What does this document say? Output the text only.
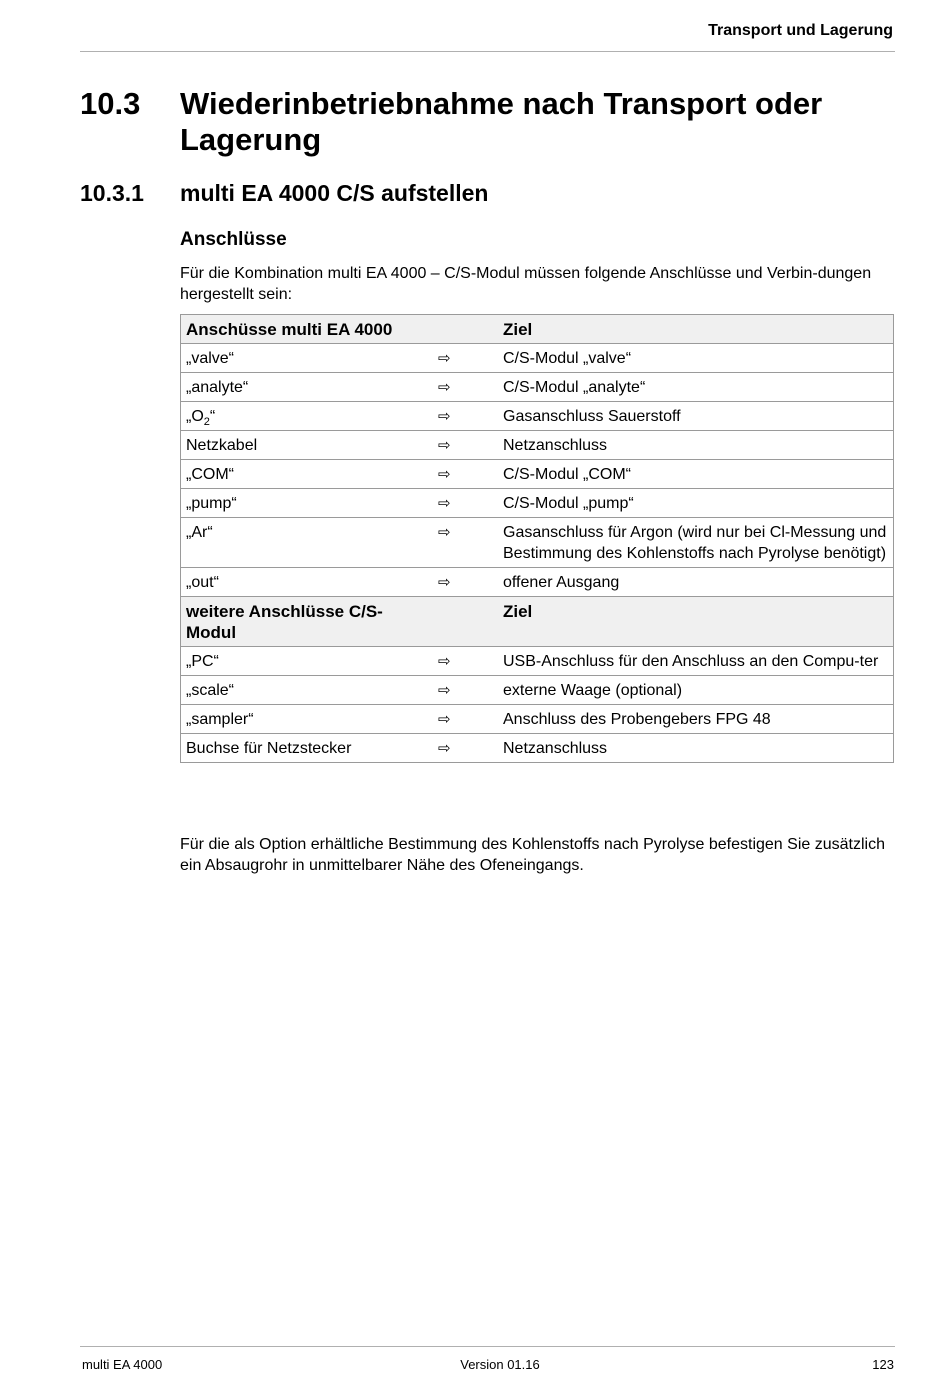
Transport und Lagerung
10.3 Wiederinbetriebnahme nach Transport oder Lagerung
10.3.1 multi EA 4000 C/S aufstellen
Anschlüsse
Für die Kombination multi EA 4000 – C/S-Modul müssen folgende Anschlüsse und Verbin-dungen hergestellt sein:
Anschüsse multi EA 4000		Ziel
„valve“	⇨	C/S-Modul „valve“
„analyte“	⇨	C/S-Modul „analyte“
$„O_2“$	⇨	Gasanschluss Sauerstoff
Netzkabel	⇨	Netzanschluss
„COM“	⇨	C/S-Modul „COM“
„pump“	⇨	C/S-Modul „pump“
„Ar“	⇨	Gasanschluss für Argon (wird nur bei Cl-Messung und Bestimmung des Kohlenstoffs nach Pyrolyse benötigt)
„out“	⇨	offener Ausgang
weitere Anschlüsse C/S-Modul		Ziel
„PC“	⇨	USB-Anschluss für den Anschluss an den Compu-ter
„scale“	⇨	externe Waage (optional)
„sampler“	⇨	Anschluss des Probengebers FPG 48
Buchse für Netzstecker	⇨	Netzanschluss
Für die als Option erhältliche Bestimmung des Kohlenstoffs nach Pyrolyse befestigen Sie zusätzlich ein Absaugrohr in unmittelbarer Nähe des Ofeneingangs.
multi EA 4000	Version 01.16	123
